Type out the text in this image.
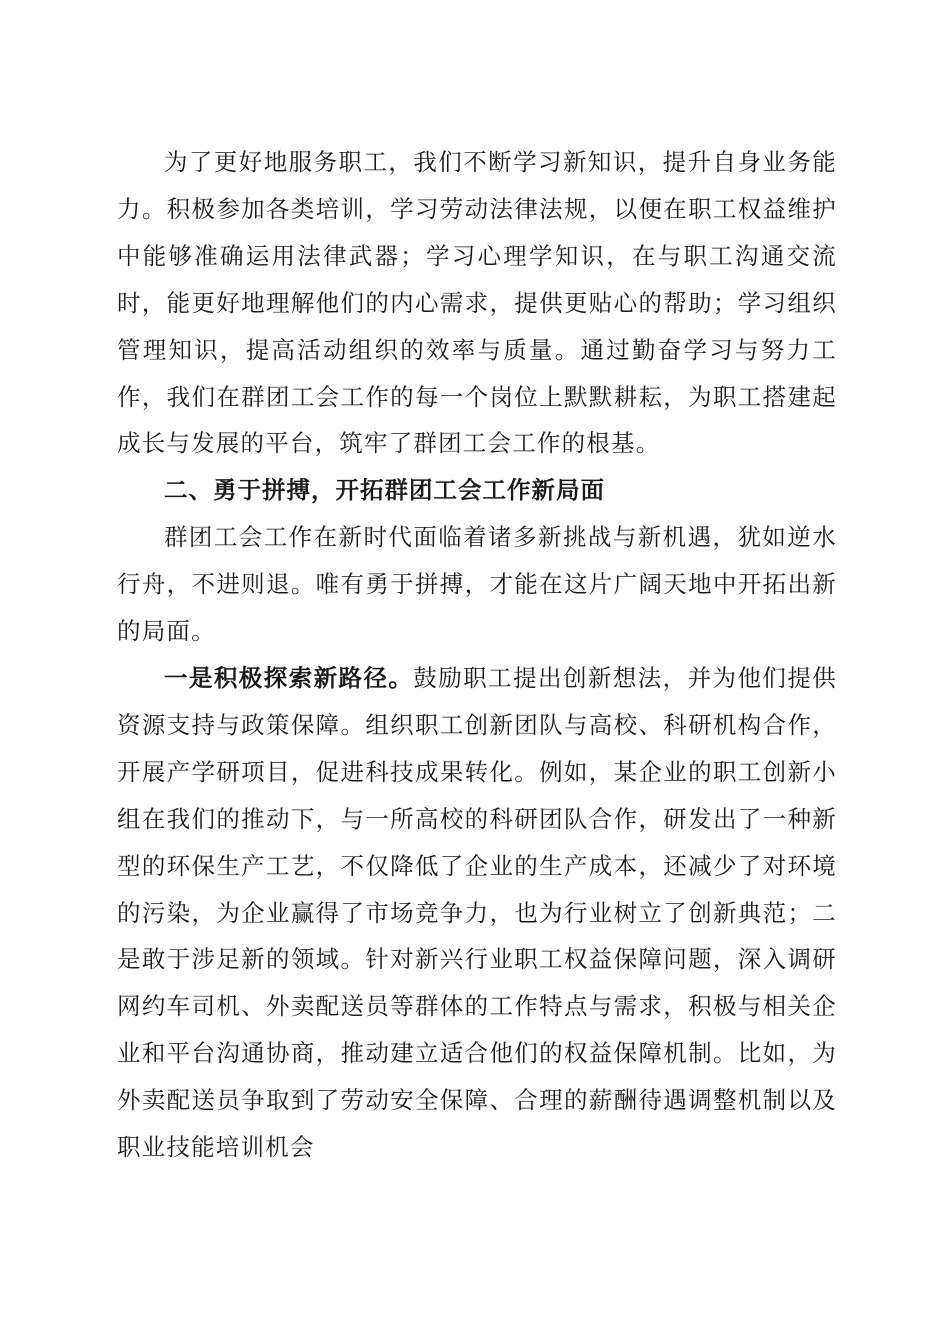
为了更好地服务职工，我们不断学习新知识，提升自身业务能力。积极参加各类培训，学习劳动法律法规，以便在职工权益维护中能够准确运用法律武器；学习心理学知识，在与职工沟通交流时，能更好地理解他们的内心需求，提供更贴心的帮助；学习组织管理知识，提高活动组织的效率与质量。通过勤奋学习与努力工作，我们在群团工会工作的每一个岗位上默默耕耘，为职工搭建起成长与发展的平台，筑牢了群团工会工作的根基。

二、勇于拼搏，开拓群团工会工作新局面

群团工会工作在新时代面临着诸多新挑战与新机遇，犹如逆水行舟，不进则退。唯有勇于拼搏，才能在这片广阔天地中开拓出新的局面。

一是积极探索新路径。鼓励职工提出创新想法，并为他们提供资源支持与政策保障。组织职工创新团队与高校、科研机构合作，开展产学研项目，促进科技成果转化。例如，某企业的职工创新小组在我们的推动下，与一所高校的科研团队合作，研发出了一种新型的环保生产工艺，不仅降低了企业的生产成本，还减少了对环境的污染，为企业赢得了市场竞争力，也为行业树立了创新典范；二是敢于涉足新的领域。针对新兴行业职工权益保障问题，深入调研网约车司机、外卖配送员等群体的工作特点与需求，积极与相关企业和平台沟通协商，推动建立适合他们的权益保障机制。比如，为外卖配送员争取到了劳动安全保障、合理的薪酬待遇调整机制以及职业技能培训机会
